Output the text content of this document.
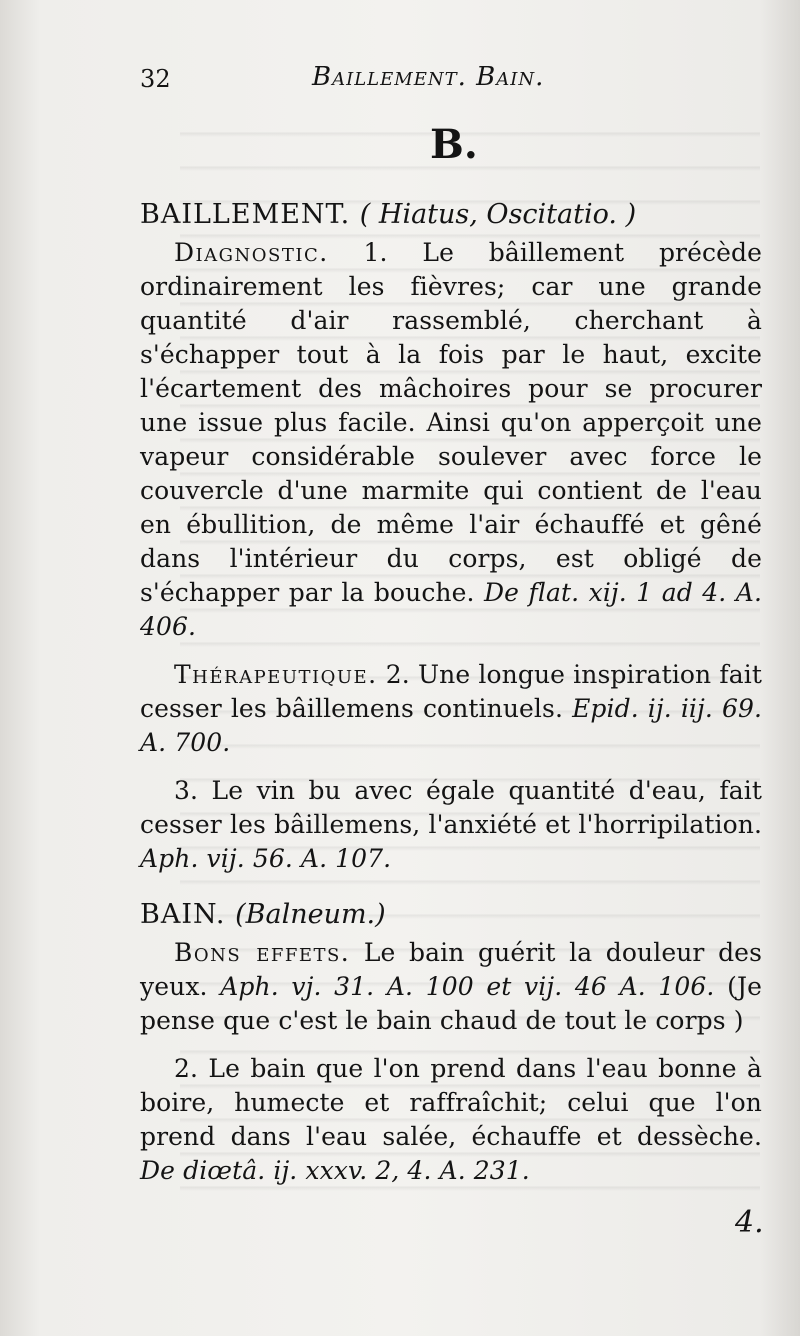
32	Baillement. Bain.
B.
BAILLEMENT. ( Hiatus, Oscitatio. )

Diagnostic. 1. Le bâillement précède ordinairement les fièvres; car une grande quantité d'air rassemblé, cherchant à s'échapper tout à la fois par le haut, excite l'écartement des mâchoires pour se procurer une issue plus facile. Ainsi qu'on apperçoit une vapeur considérable soulever avec force le couvercle d'une marmite qui contient de l'eau en ébullition, de même l'air échauffé et gêné dans l'intérieur du corps, est obligé de s'échapper par la bouche. De flat. xij. 1 ad 4. A. 406.

Thérapeutique. 2. Une longue inspiration fait cesser les bâillemens continuels. Epid. ij. iij. 69. A. 700.

3. Le vin bu avec égale quantité d'eau, fait cesser les bâillemens, l'anxiété et l'horripilation. Aph. vij. 56. A. 107.

BAIN. (Balneum.)

Bons effets. Le bain guérit la douleur des yeux. Aph. vj. 31. A. 100 et vij. 46 A. 106. (Je pense que c'est le bain chaud de tout le corps )

2. Le bain que l'on prend dans l'eau bonne à boire, humecte et raffraîchit; celui que l'on prend dans l'eau salée, échauffe et dessèche. De diœtâ. ij. xxxv. 2, 4. A. 231.

4.
